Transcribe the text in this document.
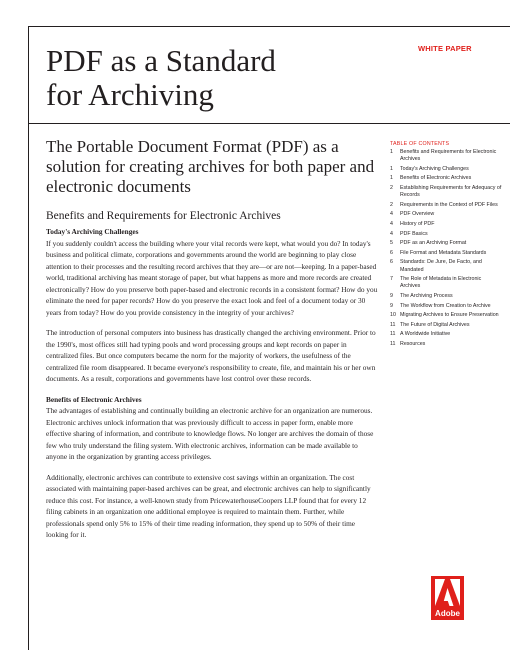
WHITE PAPER
PDF as a Standard
for Archiving
The Portable Document Format (PDF) as a solution for creating archives for both paper and electronic documents
Benefits and Requirements for Electronic Archives
Today's Archiving Challenges

If you suddenly couldn't access the building where your vital records were kept, what would you do? In today's business and political climate, corporations and governments around the world are beginning to play close attention to their processes and the resulting record archives that they are—or are not—keeping. In a paper-based world, traditional archiving has meant storage of paper, but what happens as more and more records are created electronically? How do you preserve both paper-based and electronic records in a consistent format? How do you eliminate the need for paper records? How do you preserve the exact look and feel of a document today or 30 years from today? How do you provide consistency in the integrity of your archives?

The introduction of personal computers into business has drastically changed the archiving environment. Prior to the 1990's, most offices still had typing pools and word processing groups and kept records on paper in centralized files. But once computers became the norm for the majority of workers, the usefulness of the centralized file room disappeared. It became everyone's responsibility to create, file, and maintain his or her own documents. As a result, corporations and governments have lost control over these records.

Benefits of Electronic Archives

The advantages of establishing and continually building an electronic archive for an organization are numerous. Electronic archives unlock information that was previously difficult to access in paper form, enable more effective sharing of information, and contribute to knowledge flows. No longer are archives the domain of those few who truly understand the filing system. With electronic archives, information can be made available to anyone in the organization by granting access privileges.

Additionally, electronic archives can contribute to extensive cost savings within an organization. The cost associated with maintaining paper-based archives can be great, and electronic archives can help to significantly reduce this cost. For instance, a well-known study from PricewaterhouseCoopers LLP found that for every 12 filing cabinets in an organization one additional employee is required to maintain them. Further, while professionals spend only 5% to 15% of their time reading information, they spend up to 50% of their time looking for it.

TABLE OF CONTENTS
1	Benefits and Requirements for Electronic Archives
1	Today's Archiving Challenges
1	Benefits of Electronic Archives
2	Establishing Requirements for Adequacy of Records
2	Requirements in the Context of PDF Files
4	PDF Overview
4	History of PDF
4	PDF Basics
5	PDF as an Archiving Format
6	File Format and Metadata Standards
6	Standards: De Jure, De Facto, and Mandated
7	The Role of Metadata in Electronic Archives
9	The Archiving Process
9	The Workflow from Creation to Archive
10 Migrating Archives to Ensure Preservation
11 The Future of Digital Archives
11 A Worldwide Initiative
11 Resources
Adobe
